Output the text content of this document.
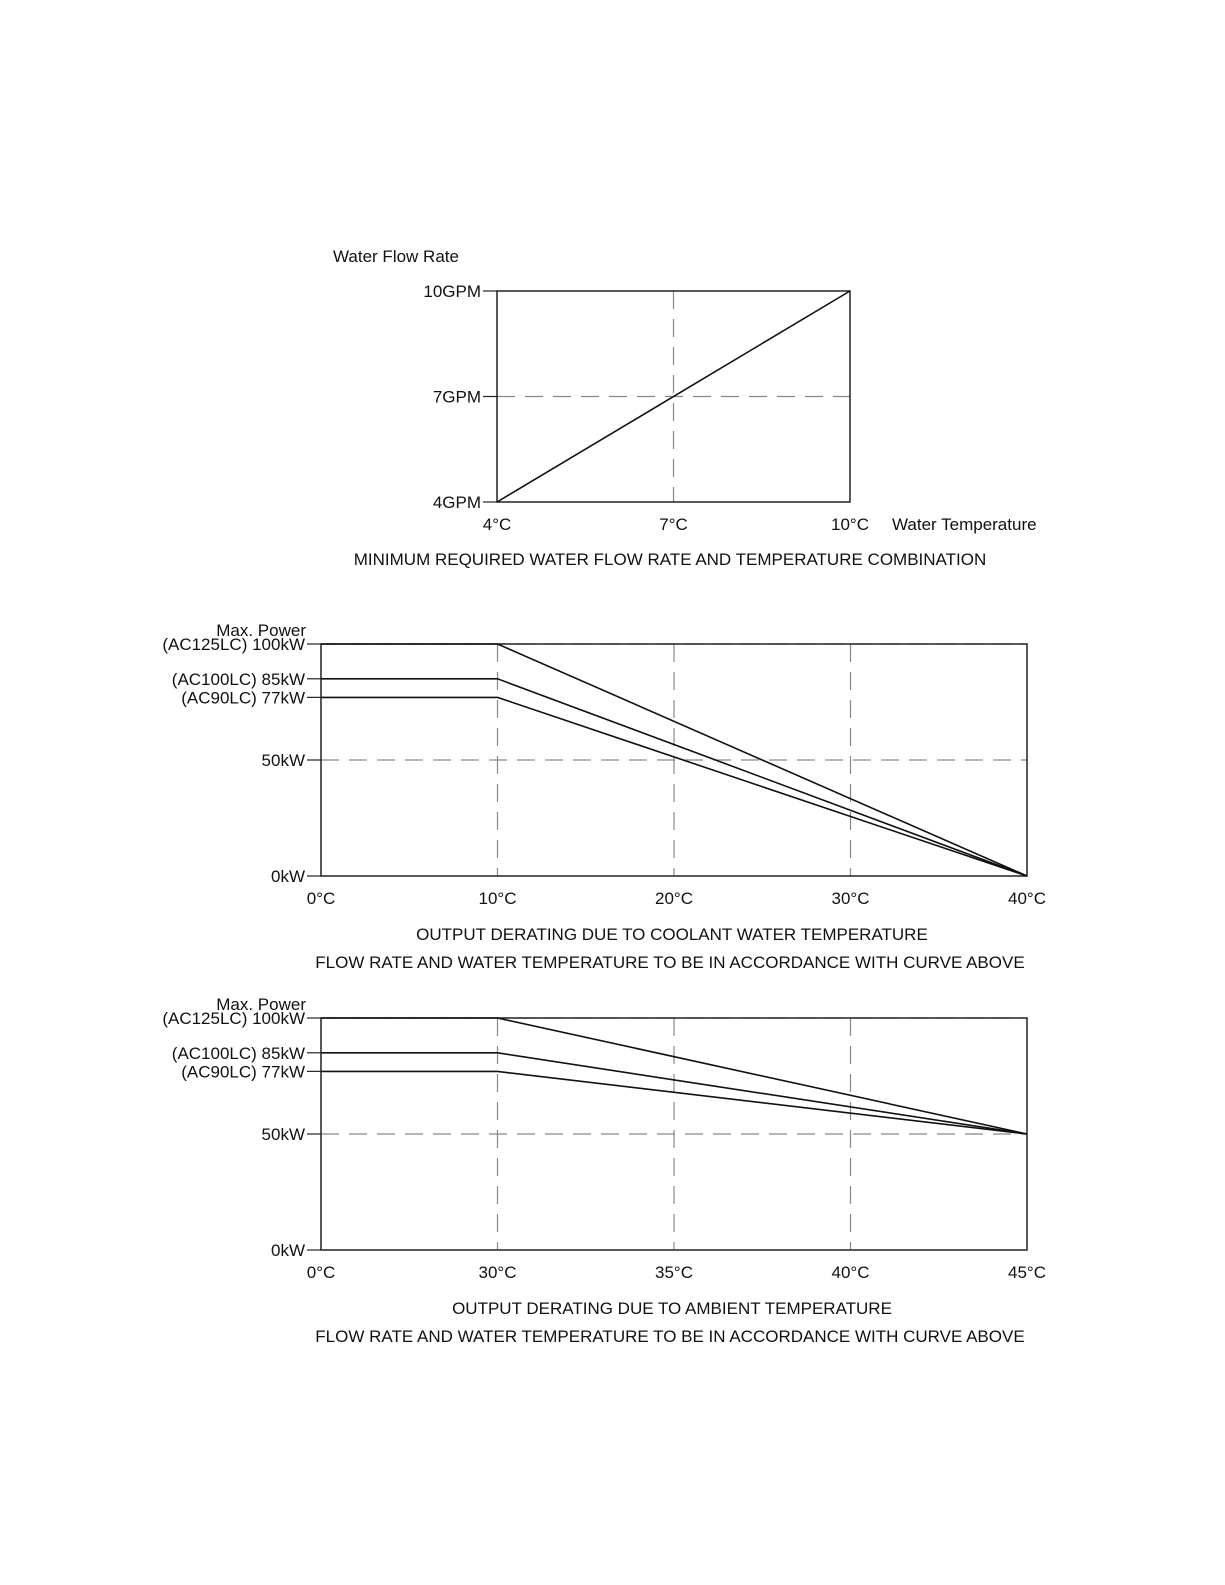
4GPM
7GPM
10GPM
4°C	7°C	10°C
Water Flow Rate
Water Temperature
MINIMUM REQUIRED WATER FLOW RATE AND TEMPERATURE COMBINATION
0kW
50kW
(AC90LC) 77kW
(AC100LC) 85kW
(AC125LC) 100kW
0°C	10°C	20°C	30°C	40°C
Max. Power
OUTPUT DERATING DUE TO COOLANT WATER TEMPERATURE
FLOW RATE AND WATER TEMPERATURE TO BE IN ACCORDANCE WITH CURVE ABOVE
0kW
50kW
(AC90LC) 77kW
(AC100LC) 85kW
(AC125LC) 100kW
0°C	30°C	35°C	40°C	45°C
Max. Power
OUTPUT DERATING DUE TO AMBIENT TEMPERATURE
FLOW RATE AND WATER TEMPERATURE TO BE IN ACCORDANCE WITH CURVE ABOVE
